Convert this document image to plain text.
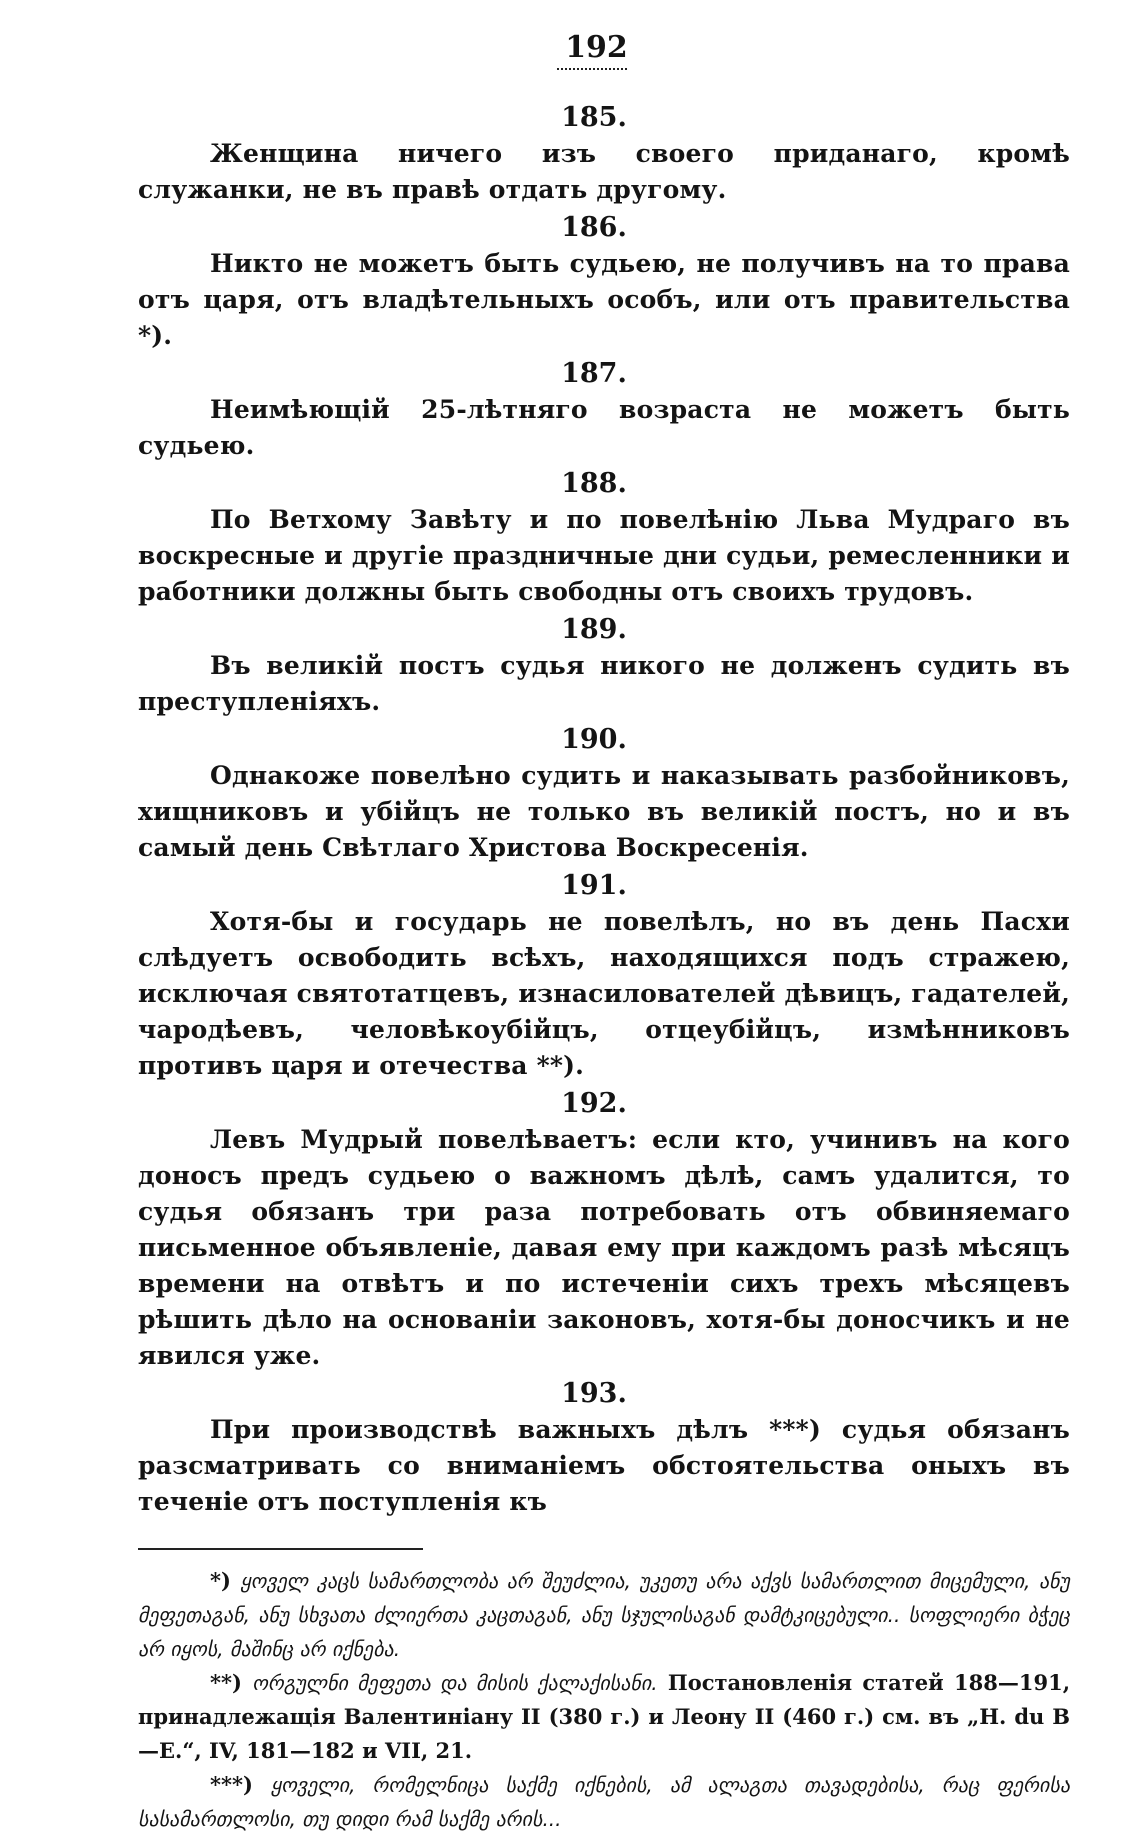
192
185.

Женщина ничего изъ своего приданаго, кромѣ служанки, не въ правѣ отдать другому.

186.

Никто не можетъ быть судьею, не получивъ на то права отъ царя, отъ владѣтельныхъ особъ, или отъ правительства *).

187.

Неимѣющій 25-лѣтняго возраста не можетъ быть судьею.

188.

По Ветхому Завѣту и по повелѣнію Льва Мудраго въ воскресные и другіе праздничные дни судьи, ремесленники и работники должны быть свободны отъ своихъ трудовъ.

189.

Въ великій постъ судья никого не долженъ судить въ преступленіяхъ.

190.

Однакоже повелѣно судить и наказывать разбойниковъ, хищниковъ и убійцъ не только въ великій постъ, но и въ самый день Свѣтлаго Христова Воскресенія.

191.

Хотя-бы и государь не повелѣлъ, но въ день Пасхи слѣдуетъ освободить всѣхъ, находящихся подъ стражею, исключая святотатцевъ, изнасилователей дѣвицъ, гадателей, чародѣевъ, человѣкоубійцъ, отцеубійцъ, измѣнниковъ противъ царя и отечества **).

192.

Левъ Мудрый повелѣваетъ: если кто, учинивъ на кого доносъ предъ судьею о важномъ дѣлѣ, самъ удалится, то судья обязанъ три раза потребовать отъ обвиняемаго письменное объявленіе, давая ему при каждомъ разѣ мѣсяцъ времени на отвѣтъ и по истеченіи сихъ трехъ мѣсяцевъ рѣшить дѣло на основаніи законовъ, хотя-бы доносчикъ и не явился уже.

193.

При производствѣ важныхъ дѣлъ ***) судья обязанъ разсматривать со вниманіемъ обстоятельства оныхъ въ теченіе отъ поступленія къ

*) ყოველ კაცს სამართლობა არ შეუძლია, უკეთუ არა აქვს სამართლით მიცემული, ანუ მეფეთაგან, ანუ სხვათა ძლიერთა კაცთაგან, ანუ სჯულისაგან დამტკიცებული.. სოფლიერი ბჭეც არ იყოს, მაშინც არ იქნება.

**) ორგულნი მეფეთა და მისის ქალაქისანი. Постановленія статей 188—191, принадлежащія Валентиніану II (380 г.) и Леону II (460 г.) см. въ „H. du B—E.“, IV, 181—182 и VII, 21.

***) ყოველი, რომელნიცა საქმე იქნების, ამ ალაგთა თავადებისა, რაც ფერისა სასამართლოსი, თუ დიდი რამ საქმე არის...
